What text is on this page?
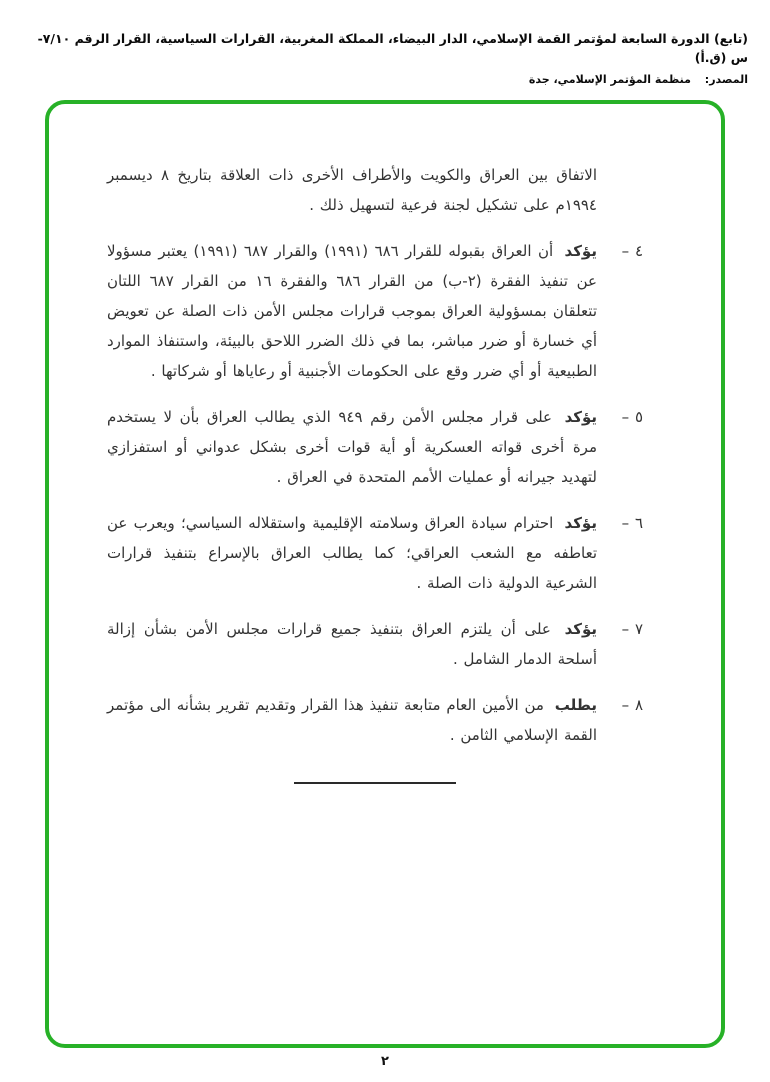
(تابع) الدورة السابعة لمؤتمر القمة الإسلامي، الدار البيضاء، المملكة المغربية، القرارات السياسية، القرار الرقم ٧/١٠-س (ق.أ)
المصدر: منظمة المؤتمر الإسلامي، جدة

الاتفاق بين العراق والكويت والأطراف الأخرى ذات العلاقة بتاريخ ٨ ديسمبر ١٩٩٤م على تشكيل لجنة فرعية لتسهيل ذلك .

٤ –
يؤكد أن العراق بقبوله للقرار ٦٨٦ (١٩٩١) والقرار ٦٨٧ (١٩٩١) يعتبر مسؤولا عن تنفيذ الفقرة (٢-ب) من القرار ٦٨٦ والفقرة ١٦ من القرار ٦٨٧ اللتان تتعلقان بمسؤولية العراق بموجب قرارات مجلس الأمن ذات الصلة عن تعويض أي خسارة أو ضرر مباشر، بما في ذلك الضرر اللاحق بالبيئة، واستنفاذ الموارد الطبيعية أو أي ضرر وقع على الحكومات الأجنبية أو رعاياها أو شركاتها .
٥ –
يؤكد على قرار مجلس الأمن رقم ٩٤٩ الذي يطالب العراق بأن لا يستخدم مرة أخرى قواته العسكرية أو أية قوات أخرى بشكل عدواني أو استفزازي لتهديد جيرانه أو عمليات الأمم المتحدة في العراق .
٦ –
يؤكد احترام سيادة العراق وسلامته الإقليمية واستقلاله السياسي؛ ويعرب عن تعاطفه مع الشعب العراقي؛ كما يطالب العراق بالإسراع بتنفيذ قرارات الشرعية الدولية ذات الصلة .
٧ –
يؤكد على أن يلتزم العراق بتنفيذ جميع قرارات مجلس الأمن بشأن إزالة أسلحة الدمار الشامل .
٨ –
يطلب من الأمين العام متابعة تنفيذ هذا القرار وتقديم تقرير بشأنه الى مؤتمر القمة الإسلامي الثامن .
٢
